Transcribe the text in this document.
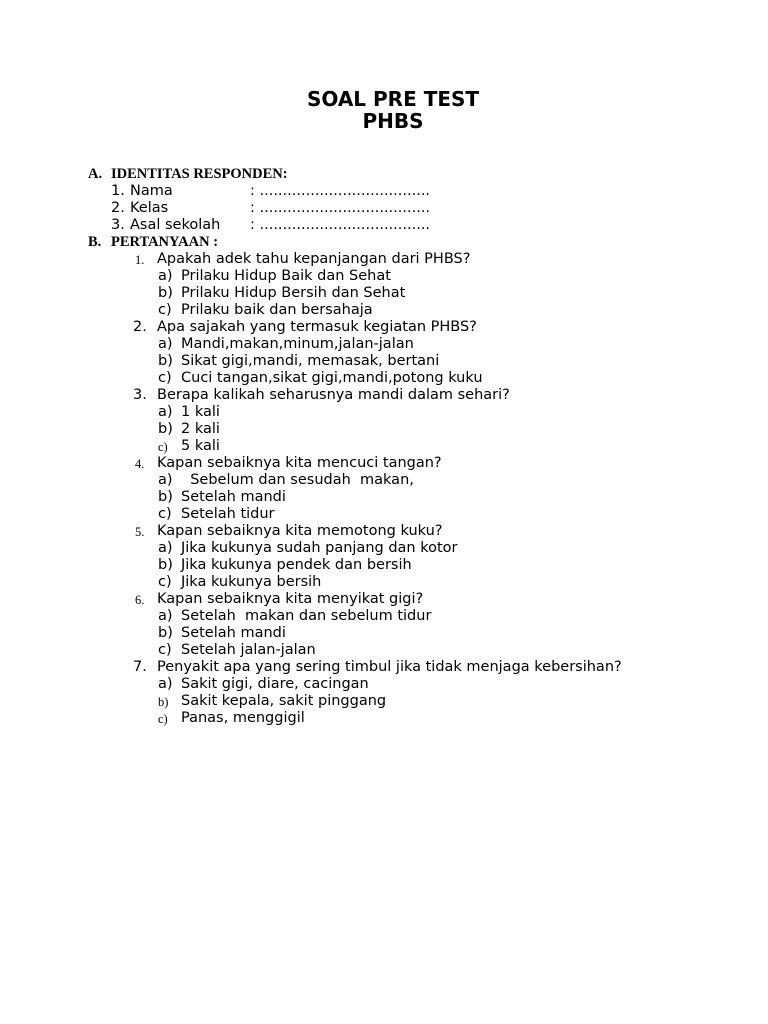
SOAL PRE TEST
PHBS
A. IDENTITAS RESPONDEN:
1. Nama	: .....................................
2. Kelas	: .....................................
3. Asal sekolah : .....................................
B. PERTANYAAN :
1. Apakah adek tahu kepanjangan dari PHBS?
a) Prilaku Hidup Baik dan Sehat
b) Prilaku Hidup Bersih dan Sehat
c) Prilaku baik dan bersahaja
2. Apa sajakah yang termasuk kegiatan PHBS?
a) Mandi,makan,minum,jalan-jalan
b) Sikat gigi,mandi, memasak, bertani
c) Cuci tangan,sikat gigi,mandi,potong kuku
3. Berapa kalikah seharusnya mandi dalam sehari?
a) 1 kali
b) 2 kali
c) 5 kali
4. Kapan sebaiknya kita mencuci tangan?
a) Sebelum dan sesudah  makan,
b) Setelah mandi
c) Setelah tidur
5. Kapan sebaiknya kita memotong kuku?
a) Jika kukunya sudah panjang dan kotor
b) Jika kukunya pendek dan bersih
c) Jika kukunya bersih
6. Kapan sebaiknya kita menyikat gigi?
a) Setelah  makan dan sebelum tidur
b) Setelah mandi
c) Setelah jalan-jalan
7. Penyakit apa yang sering timbul jika tidak menjaga kebersihan?
a) Sakit gigi, diare, cacingan
b) Sakit kepala, sakit pinggang
c) Panas, menggigil
